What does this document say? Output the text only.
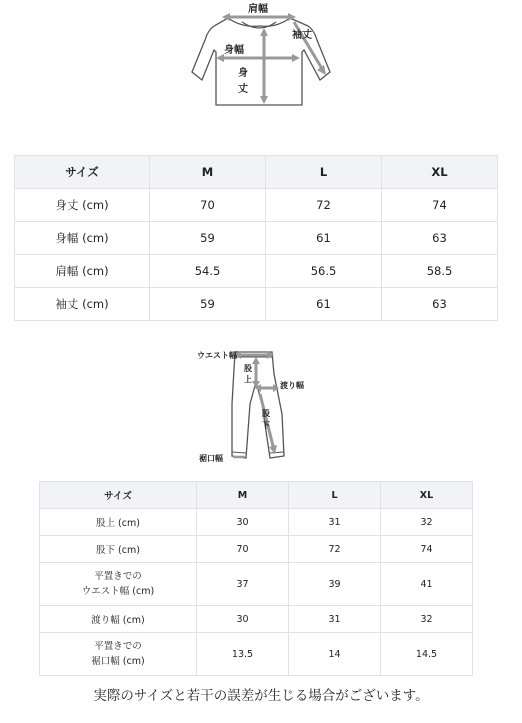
肩幅
袖丈
身幅
身
丈
サイズ	M	L	XL
身丈 (cm)	70	72	74
身幅 (cm)	59	61	63
肩幅 (cm)	54.5	56.5	58.5
袖丈 (cm)	59	61	63
ウエスト幅
股
上
渡り幅
股
下
裾口幅
サイズ	M	L	XL
股上 (cm)	30	31	32
股下 (cm)	70	72	74
平置きでの
ウエスト幅 (cm)	37	39	41
渡り幅 (cm)	30	31	32
平置きでの
裾口幅 (cm)	13.5	14	14.5
実際のサイズと若干の誤差が生じる場合がございます。
